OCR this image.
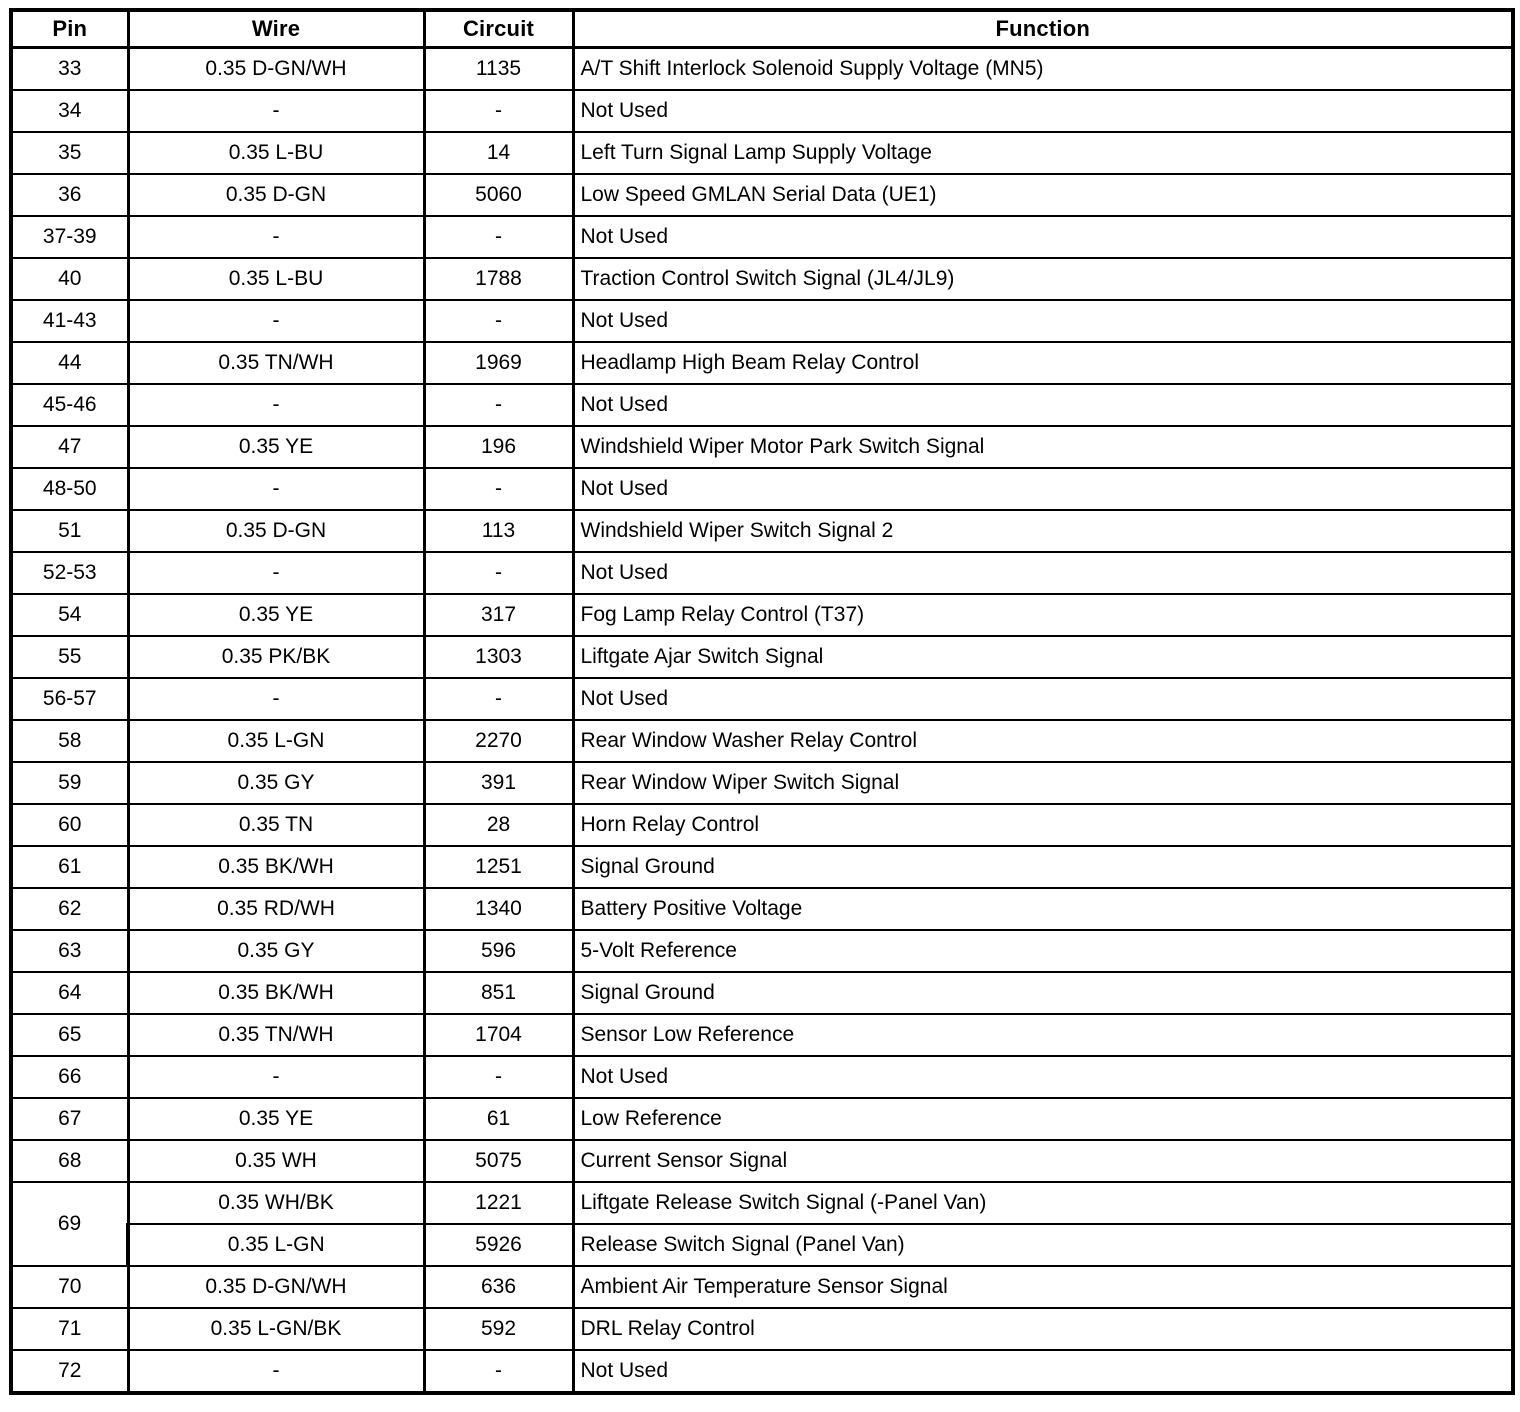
Pin	Wire	Circuit	Function
33	0.35 D-GN/WH	1135	A/T Shift Interlock Solenoid Supply Voltage (MN5)
34	-	-	Not Used
35	0.35 L-BU	14	Left Turn Signal Lamp Supply Voltage
36	0.35 D-GN	5060	Low Speed GMLAN Serial Data (UE1)
37-39	-	-	Not Used
40	0.35 L-BU	1788	Traction Control Switch Signal (JL4/JL9)
41-43	-	-	Not Used
44	0.35 TN/WH	1969	Headlamp High Beam Relay Control
45-46	-	-	Not Used
47	0.35 YE	196	Windshield Wiper Motor Park Switch Signal
48-50	-	-	Not Used
51	0.35 D-GN	113	Windshield Wiper Switch Signal 2
52-53	-	-	Not Used
54	0.35 YE	317	Fog Lamp Relay Control (T37)
55	0.35 PK/BK	1303	Liftgate Ajar Switch Signal
56-57	-	-	Not Used
58	0.35 L-GN	2270	Rear Window Washer Relay Control
59	0.35 GY	391	Rear Window Wiper Switch Signal
60	0.35 TN	28	Horn Relay Control
61	0.35 BK/WH	1251	Signal Ground
62	0.35 RD/WH	1340	Battery Positive Voltage
63	0.35 GY	596	5-Volt Reference
64	0.35 BK/WH	851	Signal Ground
65	0.35 TN/WH	1704	Sensor Low Reference
66	-	-	Not Used
67	0.35 YE	61	Low Reference
68	0.35 WH	5075	Current Sensor Signal
69	0.35 WH/BK	1221	Liftgate Release Switch Signal (-Panel Van)
	0.35 L-GN	5926	Release Switch Signal (Panel Van)
70	0.35 D-GN/WH	636	Ambient Air Temperature Sensor Signal
71	0.35 L-GN/BK	592	DRL Relay Control
72	-	-	Not Used
